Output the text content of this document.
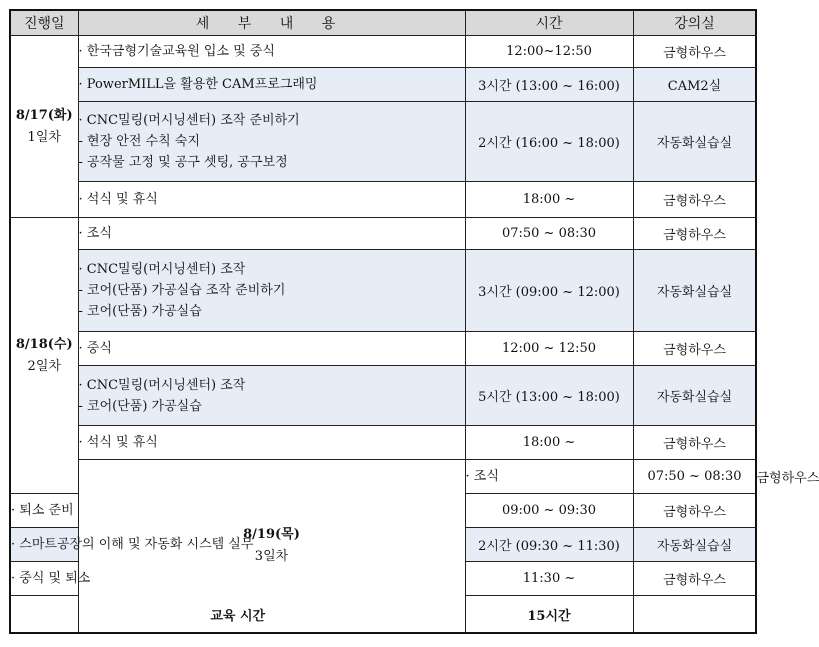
진행일	세 부 내 용	시간	강의실	

8/17(화)
1일차	· 한국금형기술교육원 입소 및 중식	12:00~12:50	금형하우스	

	· PowerMILL을 활용한 CAM프로그래밍	3시간 (13:00 ~ 16:00)	CAM2실	

	· CNC밀링(머시닝센터) 조작 준비하기
- 현장 안전 수칙 숙지
- 공작물 고정 및 공구 셋팅, 공구보정	2시간 (16:00 ~ 18:00)	자동화실습실	

	· 석식 및 휴식	18:00 ~	금형하우스	

8/18(수)
2일차	· 조식	07:50 ~ 08:30	금형하우스	

	· CNC밀링(머시닝센터) 조작
- 코어(단품) 가공실습 조작 준비하기
- 코어(단품) 가공실습	3시간 (09:00 ~ 12:00)	자동화실습실	

	· 중식	12:00 ~ 12:50	금형하우스	

	· CNC밀링(머시닝센터) 조작
- 코어(단품) 가공실습	5시간 (13:00 ~ 18:00)	자동화실습실	

	· 석식 및 휴식	18:00 ~	금형하우스	

	8/19(목)
3일차	· 조식	07:50 ~ 08:30	금형하우스

· 퇴소 준비		09:00 ~ 09:30	금형하우스	

· 스마트공장의 이해 및 자동화 시스템 실무		2시간 (09:30 ~ 11:30)	자동화실습실	

· 중식 및 퇴소		11:30 ~	금형하우스	
교육 시간		15시간		
